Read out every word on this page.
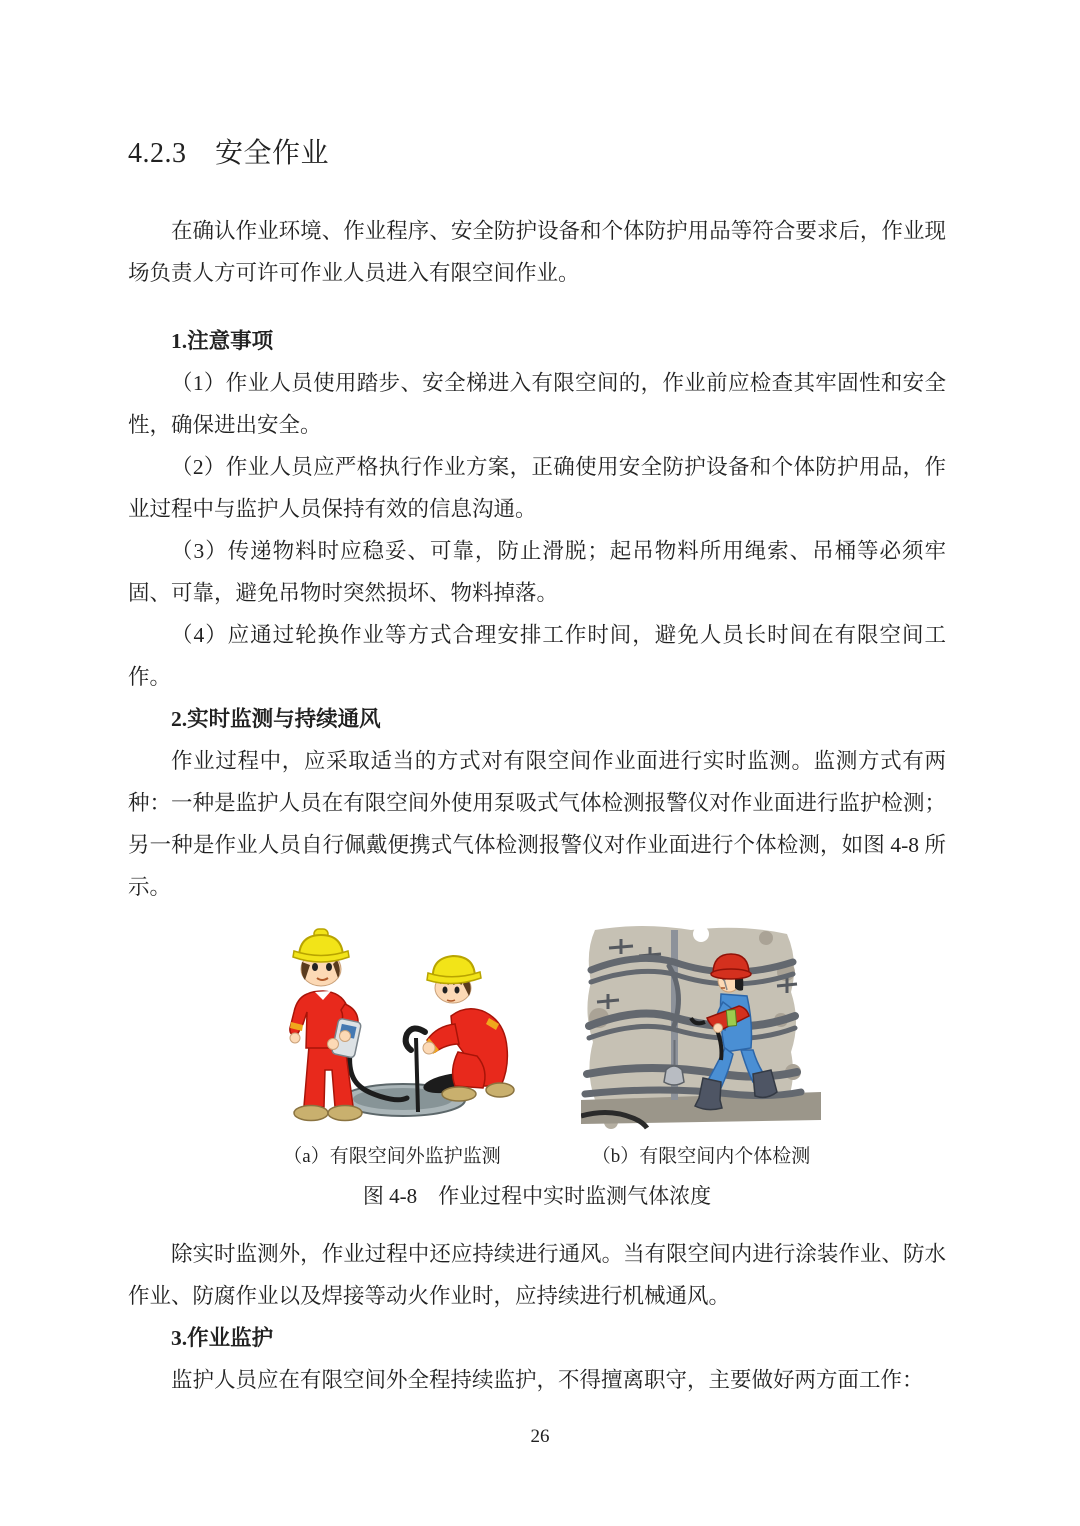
4.2.3　安全作业

在确认作业环境、作业程序、安全防护设备和个体防护用品等符合要求后，作业现场负责人方可许可作业人员进入有限空间作业。

1.注意事项

（1）作业人员使用踏步、安全梯进入有限空间的，作业前应检查其牢固性和安全性，确保进出安全。

（2）作业人员应严格执行作业方案，正确使用安全防护设备和个体防护用品，作业过程中与监护人员保持有效的信息沟通。

（3）传递物料时应稳妥、可靠，防止滑脱；起吊物料所用绳索、吊桶等必须牢固、可靠，避免吊物时突然损坏、物料掉落。

（4）应通过轮换作业等方式合理安排工作时间，避免人员长时间在有限空间工作。

2.实时监测与持续通风

作业过程中，应采取适当的方式对有限空间作业面进行实时监测。监测方式有两种：一种是监护人员在有限空间外使用泵吸式气体检测报警仪对作业面进行监护检测；另一种是作业人员自行佩戴便携式气体检测报警仪对作业面进行个体检测，如图 4-8 所示。

（a）有限空间外监护监测	（b）有限空间内个体检测

图 4-8　作业过程中实时监测气体浓度

除实时监测外，作业过程中还应持续进行通风。当有限空间内进行涂装作业、防水作业、防腐作业以及焊接等动火作业时，应持续进行机械通风。

3.作业监护

监护人员应在有限空间外全程持续监护，不得擅离职守，主要做好两方面工作：

26
